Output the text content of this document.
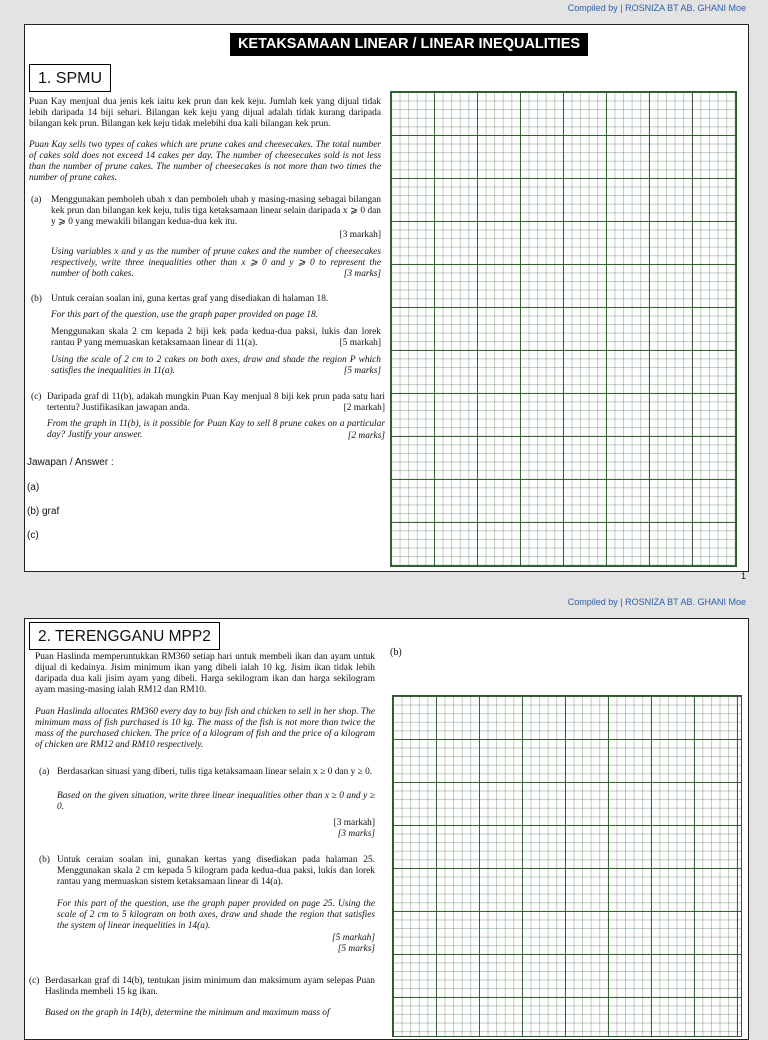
Compiled by | ROSNIZA BT AB. GHANI Moe
KETAKSAMAAN LINEAR / LINEAR INEQUALITIES
1. SPMU
Puan Kay menjual dua jenis kek iaitu kek prun dan kek keju. Jumlah kek yang dijual tidak lebih daripada 14 biji sehari. Bilangan kek keju yang dijual adalah tidak kurang daripada bilangan kek prun. Bilangan kek keju tidak melebihi dua kali bilangan kek prun.
Puan Kay sells two types of cakes which are prune cakes and cheesecakes. The total number of cakes sold does not exceed 14 cakes per day. The number of cheesecakes sold is not less than the number of prune cakes. The number of cheesecakes is not more than two times the number of prune cakes.
(a) Menggunakan pemboleh ubah x dan pemboleh ubah y masing-masing sebagai bilangan kek prun dan bilangan kek keju, tulis tiga ketaksamaan linear selain daripada x ⩾ 0 dan y ⩾ 0 yang mewakili bilangan kedua-dua kek itu.
[3 markah]
Using variables x and y as the number of prune cakes and the number of cheesecakes respectively, write three inequalities other than x ⩾ 0 and y ⩾ 0 to represent the number of both cakes.	[3 marks]
(b) Untuk ceraian soalan ini, guna kertas graf yang disediakan di halaman 18.
For this part of the question, use the graph paper provided on page 18.
Menggunakan skala 2 cm kepada 2 biji kek pada kedua-dua paksi, lukis dan lorek rantau P yang memuaskan ketaksamaan linear di 11(a).	[5 markah]
Using the scale of 2 cm to 2 cakes on both axes, draw and shade the region P which satisfies the inequalities in 11(a).	[5 marks]
(c) Daripada graf di 11(b), adakah mungkin Puan Kay menjual 8 biji kek prun pada satu hari tertentu? Justifikasikan jawapan anda.	[2 markah]
From the graph in 11(b), is it possible for Puan Kay to sell 8 prune cakes on a particular day? Justify your answer.	[2 marks]
Jawapan / Answer :
(a)
(b) graf
(c)
1
Compiled by | ROSNIZA BT AB. GHANI Moe
2. TERENGGANU MPP2
Puan Haslinda memperuntukkan RM360 setiap hari untuk membeli ikan dan ayam untuk dijual di kedainya. Jisim minimum ikan yang dibeli ialah 10 kg. Jisim ikan tidak lebih daripada dua kali jisim ayam yang dibeli. Harga sekilogram ikan dan harga sekilogram ayam masing-masing ialah RM12 dan RM10.
Puan Haslinda allocates RM360 every day to buy fish and chicken to sell in her shop. The minimum mass of fish purchased is 10 kg. The mass of the fish is not more than twice the mass of the purchased chicken. The price of a kilogram of fish and the price of a kilogram of chicken are RM12 and RM10 respectively.
(a) Berdasarkan situasi yang diberi, tulis tiga ketaksamaan linear selain x ≥ 0 dan y ≥ 0.
Based on the given situation, write three linear inequalities other than x ≥ 0 and y ≥ 0.
[3 markah]
[3 marks]
(b) Untuk ceraian soalan ini, gunakan kertas yang disediakan pada halaman 25. Menggunakan skala 2 cm kepada 5 kilogram pada kedua-dua paksi, lukis dan lorek rantau yang memuaskan sistem ketaksamaan linear di 14(a).
For this part of the question, use the graph paper provided on page 25. Using the scale of 2 cm to 5 kilogram on both axes, draw and shade the region that satisfies the system of linear inequelities in 14(a).
[5 markah]
[5 marks]
(c) Berdasarkan graf di 14(b), tentukan jisim minimum dan maksimum ayam selepas Puan Haslinda membeli 15 kg ikan.
Based on the graph in 14(b), determine the minimum and maximum mass of
(b)
